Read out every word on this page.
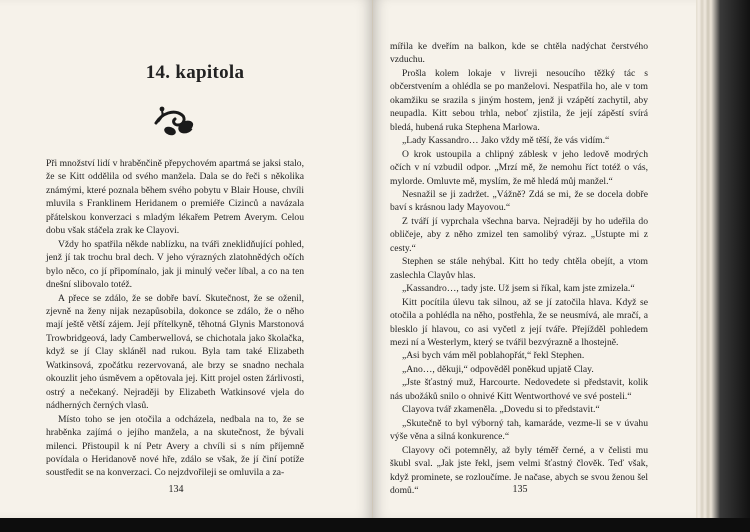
14. kapitola

Při množství lidí v hraběnčině přepychovém apartmá se jaksi stalo, že se Kitt oddělila od svého manžela. Dala se do řeči s několika známými, které poznala během svého pobytu v Blair House, chvíli mluvila s Franklinem Heridanem o premiéře Cizinců a navázala přátelskou konverzaci s mladým lékařem Petrem Averym. Celou dobu však stáčela zrak ke Clayovi.

Vždy ho spatřila někde nablízku, na tváři zneklidňující pohled, jenž jí tak trochu bral dech. V jeho výrazných zlatohnědých očích bylo něco, co jí připomínalo, jak ji minulý večer líbal, a co na ten dnešní slibovalo totéž.

A přece se zdálo, že se dobře baví. Skutečnost, že se oženil, zjevně na ženy nijak nezapůsobila, dokonce se zdálo, že o něho mají ještě větší zájem. Její přítelkyně, těhotná Glynis Marstonová Trowbridgeová, lady Camberwellová, se chichotala jako školačka, když se jí Clay skláněl nad rukou. Byla tam také Elizabeth Watkinsová, zpočátku rezervovaná, ale brzy se snadno nechala okouzlit jeho úsměvem a opětovala jej. Kitt projel osten žárlivosti, ostrý a nečekaný. Nejraději by Elizabeth Watkinsové vjela do nádherných černých vlasů.

Místo toho se jen otočila a odcházela, nedbala na to, že se hraběnka zajímá o jejího manžela, a na skutečnost, že bývali milenci. Přistoupil k ní Petr Avery a chvíli si s ním příjemně povídala o Heridanově nové hře, zdálo se však, že jí činí potíže soustředit se na konverzaci. Co nejzdvořileji se omluvila a za-

134

mířila ke dveřím na balkon, kde se chtěla nadýchat čerstvého vzduchu.

Prošla kolem lokaje v livreji nesoucího těžký tác s občerstvením a ohlédla se po manželovi. Nespatřila ho, ale v tom okamžiku se srazila s jiným hostem, jenž ji vzápětí zachytil, aby neupadla. Kitt sebou trhla, neboť zjistila, že její zápěstí svírá bledá, hubená ruka Stephena Marlowa.

„Lady Kassandro… Jako vždy mě těší, že vás vidím.“

O krok ustoupila a chlipný záblesk v jeho ledově modrých očích v ní vzbudil odpor. „Mrzí mě, že nemohu říct totéž o vás, mylorde. Omluvte mě, myslím, že mě hledá můj manžel.“

Nesnažil se ji zadržet. „Vážně? Zdá se mi, že se docela dobře baví s krásnou lady Mayovou.“

Z tváří jí vyprchala všechna barva. Nejraději by ho udeřila do obličeje, aby z něho zmizel ten samolibý výraz. „Ustupte mi z cesty.“

Stephen se stále nehýbal. Kitt ho tedy chtěla obejít, a vtom zaslechla Clayův hlas.

„Kassandro…, tady jste. Už jsem si říkal, kam jste zmizela.“

Kitt pocítila úlevu tak silnou, až se jí zatočila hlava. Když se otočila a pohlédla na něho, postřehla, že se neusmívá, ale mračí, a blesklo jí hlavou, co asi vyčetl z její tváře. Přejížděl pohledem mezi ní a Westerlym, který se tvářil bezvýrazně a lhostejně.

„Asi bych vám měl poblahopřát,“ řekl Stephen.

„Ano…, děkuji,“ odpověděl poněkud upjatě Clay.

„Jste šťastný muž, Harcourte. Nedovedete si představit, kolik nás ubožáků snilo o ohnivé Kitt Wentworthové ve své posteli.“

Clayova tvář zkameněla. „Dovedu si to představit.“

„Skutečně to byl výborný tah, kamaráde, vezme-li se v úvahu výše věna a silná konkurence.“

Clayovy oči potemněly, až byly téměř černé, a v čelisti mu škubl sval. „Jak jste řekl, jsem velmi šťastný člověk. Teď však, když prominete, se rozloučíme. Je načase, abych se svou ženou šel domů.“	135
